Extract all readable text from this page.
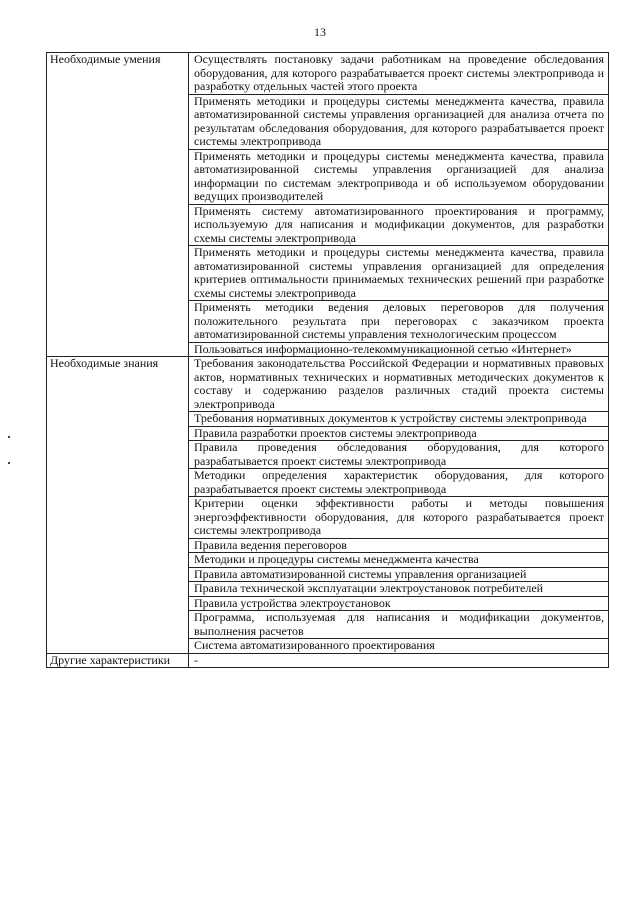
13
Необходимые умения	Осуществлять постановку задачи работникам на проведение обследования оборудования, для которого разрабатывается проект системы электропривода и разработку отдельных частей этого проекта
	Применять методики и процедуры системы менеджмента качества, правила автоматизированной системы управления организацией для анализа отчета по результатам обследования оборудования, для которого разрабатывается проект системы электропривода
	Применять методики и процедуры системы менеджмента качества, правила автоматизированной системы управления организацией для анализа информации по системам электропривода и об используемом оборудовании ведущих производителей
	Применять систему автоматизированного проектирования и программу, используемую для написания и модификации документов, для разработки схемы системы электропривода
	Применять методики и процедуры системы менеджмента качества, правила автоматизированной системы управления организацией для определения критериев оптимальности принимаемых технических решений при разработке схемы системы электропривода
	Применять методики ведения деловых переговоров для получения положительного результата при переговорах с заказчиком проекта автоматизированной системы управления технологическим процессом
	Пользоваться информационно-телекоммуникационной сетью «Интернет»
Необходимые знания	Требования законодательства Российской Федерации и нормативных правовых актов, нормативных технических и нормативных методических документов к составу и содержанию разделов различных стадий проекта системы электропривода
	Требования нормативных документов к устройству системы электропривода
	Правила разработки проектов системы электропривода
	Правила проведения обследования оборудования, для которого разрабатывается проект системы электропривода
	Методики определения характеристик оборудования, для которого разрабатывается проект системы электропривода
	Критерии оценки эффективности работы и методы повышения энергоэффективности оборудования, для которого разрабатывается проект системы электропривода
	Правила ведения переговоров
	Методики и процедуры системы менеджмента качества
	Правила автоматизированной системы управления организацией
	Правила технической эксплуатации электроустановок потребителей
	Правила устройства электроустановок
	Программа, используемая для написания и модификации документов, выполнения расчетов
	Система автоматизированного проектирования
Другие характеристики	-
